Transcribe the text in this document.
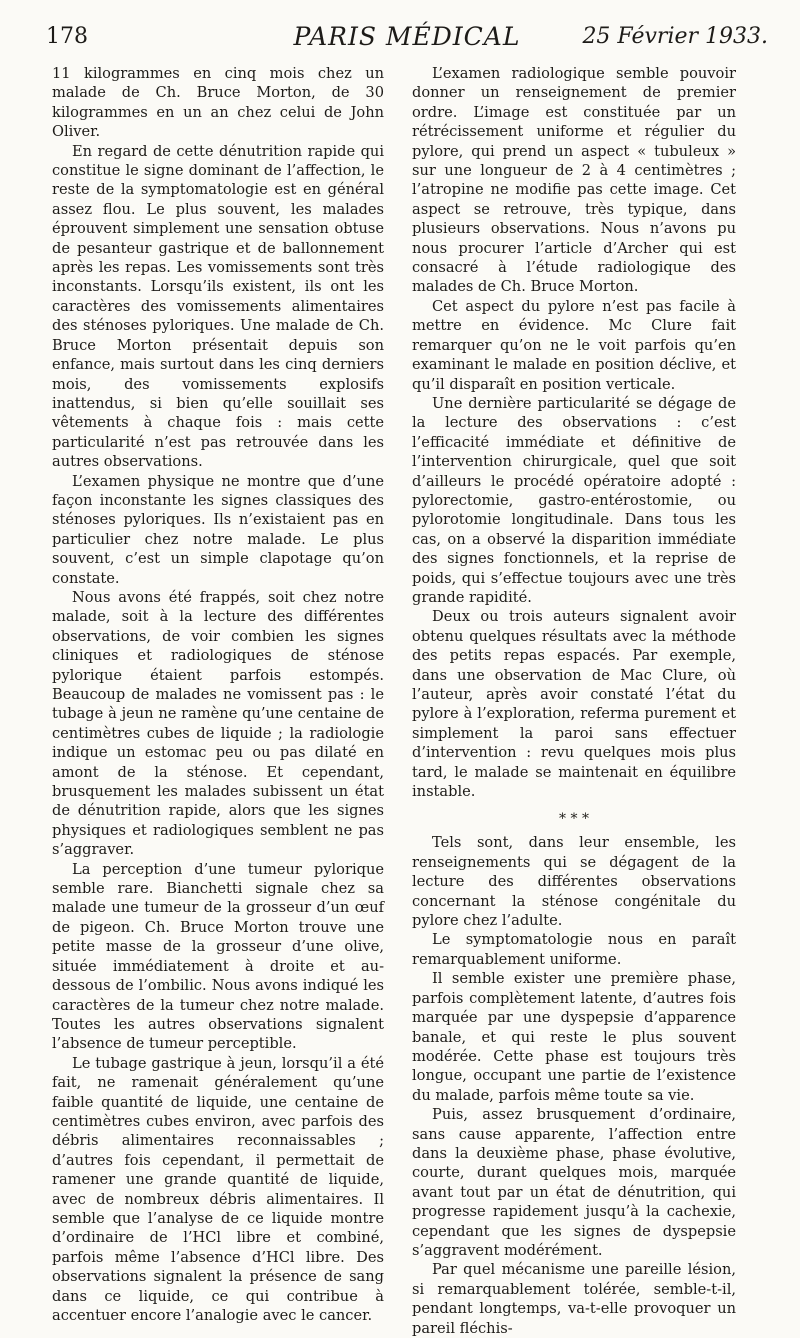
178	PARIS MÉDICAL	25 Février 1933.

11 kilogrammes en cinq mois chez un malade de Ch. Bruce Morton, de 30 kilogrammes en un an chez celui de John Oliver.

En regard de cette dénutrition rapide qui constitue le signe dominant de l’affection, le reste de la symptomatologie est en général assez flou. Le plus souvent, les malades éprouvent simplement une sensation obtuse de pesanteur gastrique et de ballonnement après les repas. Les vomissements sont très inconstants. Lorsqu’ils existent, ils ont les caractères des vomissements alimentaires des sténoses pyloriques. Une malade de Ch. Bruce Morton présentait depuis son enfance, mais surtout dans les cinq derniers mois, des vomissements explosifs inattendus, si bien qu’elle souillait ses vêtements à chaque fois : mais cette particularité n’est pas retrouvée dans les autres observations.

L’examen physique ne montre que d’une façon inconstante les signes classiques des sténoses pyloriques. Ils n’existaient pas en particulier chez notre malade. Le plus souvent, c’est un simple clapotage qu’on constate.

Nous avons été frappés, soit chez notre malade, soit à la lecture des différentes observations, de voir combien les signes cliniques et radiologiques de sténose pylorique étaient parfois estompés. Beaucoup de malades ne vomissent pas : le tubage à jeun ne ramène qu’une centaine de centimètres cubes de liquide ; la radiologie indique un estomac peu ou pas dilaté en amont de la sténose. Et cependant, brusquement les malades subissent un état de dénutrition rapide, alors que les signes physiques et radiologiques semblent ne pas s’aggraver.

La perception d’une tumeur pylorique semble rare. Bianchetti signale chez sa malade une tumeur de la grosseur d’un œuf de pigeon. Ch. Bruce Morton trouve une petite masse de la grosseur d’une olive, située immédiatement à droite et au-dessous de l’ombilic. Nous avons indiqué les caractères de la tumeur chez notre malade. Toutes les autres observations signalent l’absence de tumeur perceptible.

Le tubage gastrique à jeun, lorsqu’il a été fait, ne ramenait généralement qu’une faible quantité de liquide, une centaine de centimètres cubes environ, avec parfois des débris alimentaires reconnaissables ; d’autres fois cependant, il permettait de ramener une grande quantité de liquide, avec de nombreux débris alimentaires. Il semble que l’analyse de ce liquide montre d’ordinaire de l’HCl libre et combiné, parfois même l’absence d’HCl libre. Des observations signalent la présence de sang dans ce liquide, ce qui contribue à accentuer encore l’analogie avec le cancer.

L’examen radiologique semble pouvoir donner un renseignement de premier ordre. L’image est constituée par un rétrécissement uniforme et régulier du pylore, qui prend un aspect « tubuleux » sur une longueur de 2 à 4 centimètres ; l’atropine ne modifie pas cette image. Cet aspect se retrouve, très typique, dans plusieurs observations. Nous n’avons pu nous procurer l’article d’Archer qui est consacré à l’étude radiologique des malades de Ch. Bruce Morton.

Cet aspect du pylore n’est pas facile à mettre en évidence. Mc Clure fait remarquer qu’on ne le voit parfois qu’en examinant le malade en position déclive, et qu’il disparaît en position verticale.

Une dernière particularité se dégage de la lecture des observations : c’est l’efficacité immédiate et définitive de l’intervention chirurgicale, quel que soit d’ailleurs le procédé opératoire adopté : pylorectomie, gastro-entérostomie, ou pylorotomie longitudinale. Dans tous les cas, on a observé la disparition immédiate des signes fonctionnels, et la reprise de poids, qui s’effectue toujours avec une très grande rapidité.

Deux ou trois auteurs signalent avoir obtenu quelques résultats avec la méthode des petits repas espacés. Par exemple, dans une observation de Mac Clure, où l’auteur, après avoir constaté l’état du pylore à l’exploration, referma purement et simplement la paroi sans effectuer d’intervention : revu quelques mois plus tard, le malade se maintenait en équilibre instable.

* * *

Tels sont, dans leur ensemble, les renseignements qui se dégagent de la lecture des différentes observations concernant la sténose congénitale du pylore chez l’adulte.

Le symptomatologie nous en paraît remarquablement uniforme.

Il semble exister une première phase, parfois complètement latente, d’autres fois marquée par une dyspepsie d’apparence banale, et qui reste le plus souvent modérée. Cette phase est toujours très longue, occupant une partie de l’existence du malade, parfois même toute sa vie.

Puis, assez brusquement d’ordinaire, sans cause apparente, l’affection entre dans la deuxième phase, phase évolutive, courte, durant quelques mois, marquée avant tout par un état de dénutrition, qui progresse rapidement jusqu’à la cachexie, cependant que les signes de dyspepsie s’aggravent modérément.

Par quel mécanisme une pareille lésion, si remarquablement tolérée, semble-t-il, pendant longtemps, va-t-elle provoquer un pareil fléchis-
